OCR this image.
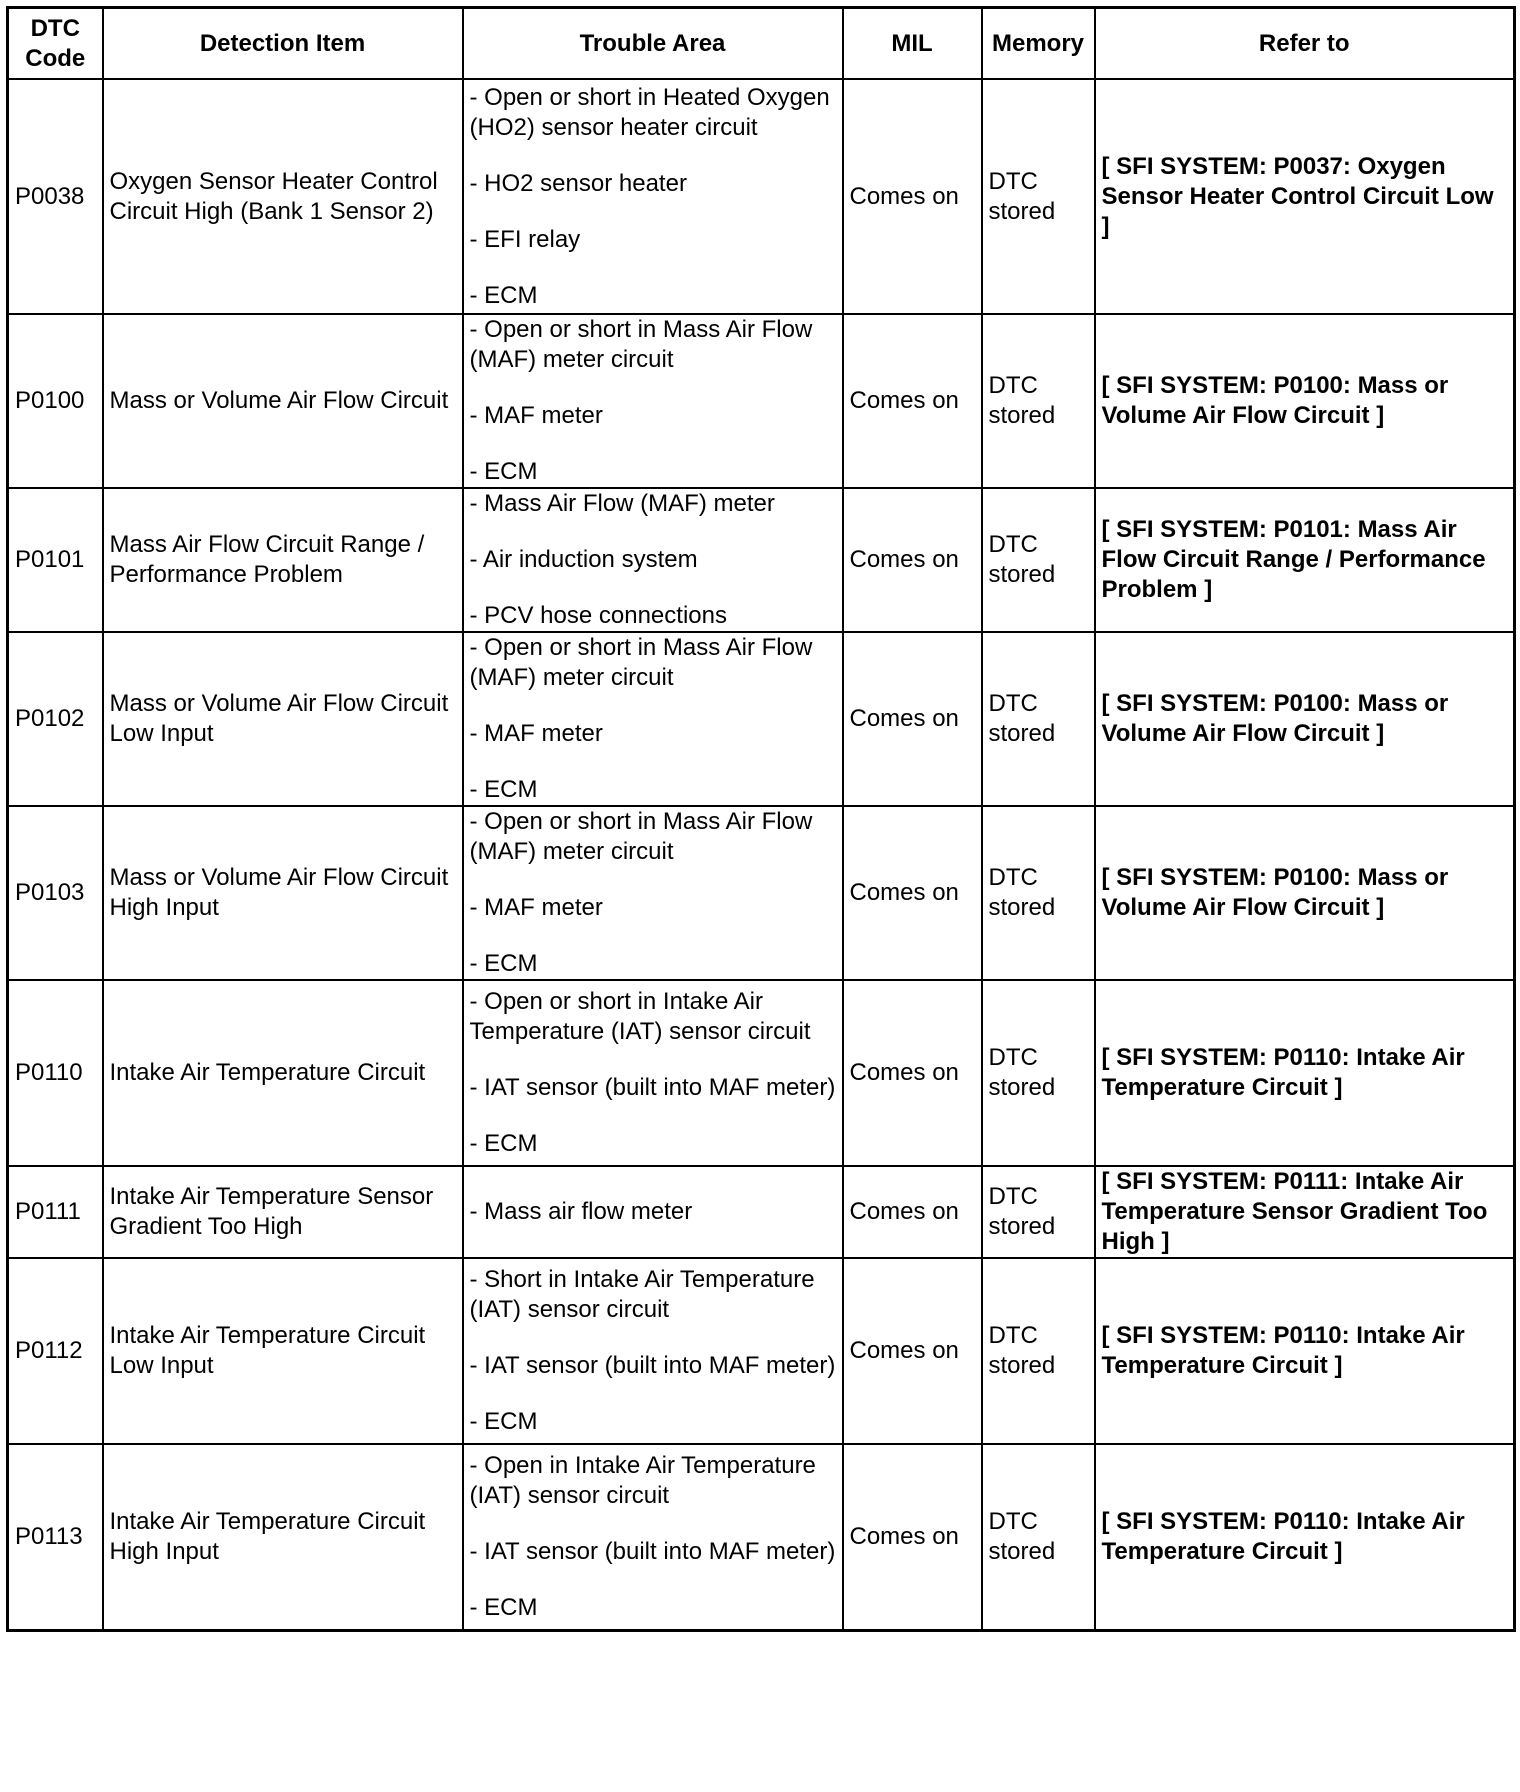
DTC
Code	Detection Item	Trouble Area	MIL	Memory	Refer to
P0038	Oxygen Sensor Heater Control Circuit High (Bank 1 Sensor 2)	- Open or short in Heated Oxygen (HO2) sensor heater circuit
- HO2 sensor heater
- EFI relay
- ECM	Comes on	DTC stored	[ SFI SYSTEM: P0037: Oxygen Sensor Heater Control Circuit Low ]
P0100	Mass or Volume Air Flow Circuit	- Open or short in Mass Air Flow (MAF) meter circuit
- MAF meter
- ECM	Comes on	DTC stored	[ SFI SYSTEM: P0100: Mass or Volume Air Flow Circuit ]
P0101	Mass Air Flow Circuit Range / Performance Problem	- Mass Air Flow (MAF) meter
- Air induction system
- PCV hose connections	Comes on	DTC stored	[ SFI SYSTEM: P0101: Mass Air Flow Circuit Range / Performance Problem ]
P0102	Mass or Volume Air Flow Circuit Low Input	- Open or short in Mass Air Flow (MAF) meter circuit
- MAF meter
- ECM	Comes on	DTC stored	[ SFI SYSTEM: P0100: Mass or Volume Air Flow Circuit ]
P0103	Mass or Volume Air Flow Circuit High Input	- Open or short in Mass Air Flow (MAF) meter circuit
- MAF meter
- ECM	Comes on	DTC stored	[ SFI SYSTEM: P0100: Mass or Volume Air Flow Circuit ]
P0110	Intake Air Temperature Circuit	- Open or short in Intake Air Temperature (IAT) sensor circuit
- IAT sensor (built into MAF meter)
- ECM	Comes on	DTC stored	[ SFI SYSTEM: P0110: Intake Air Temperature Circuit ]
P0111	Intake Air Temperature Sensor Gradient Too High	- Mass air flow meter	Comes on	DTC stored	[ SFI SYSTEM: P0111: Intake Air Temperature Sensor Gradient Too High ]
P0112	Intake Air Temperature Circuit Low Input	- Short in Intake Air Temperature (IAT) sensor circuit
- IAT sensor (built into MAF meter)
- ECM	Comes on	DTC stored	[ SFI SYSTEM: P0110: Intake Air Temperature Circuit ]
P0113	Intake Air Temperature Circuit High Input	- Open in Intake Air Temperature (IAT) sensor circuit
- IAT sensor (built into MAF meter)
- ECM	Comes on	DTC stored	[ SFI SYSTEM: P0110: Intake Air Temperature Circuit ]
